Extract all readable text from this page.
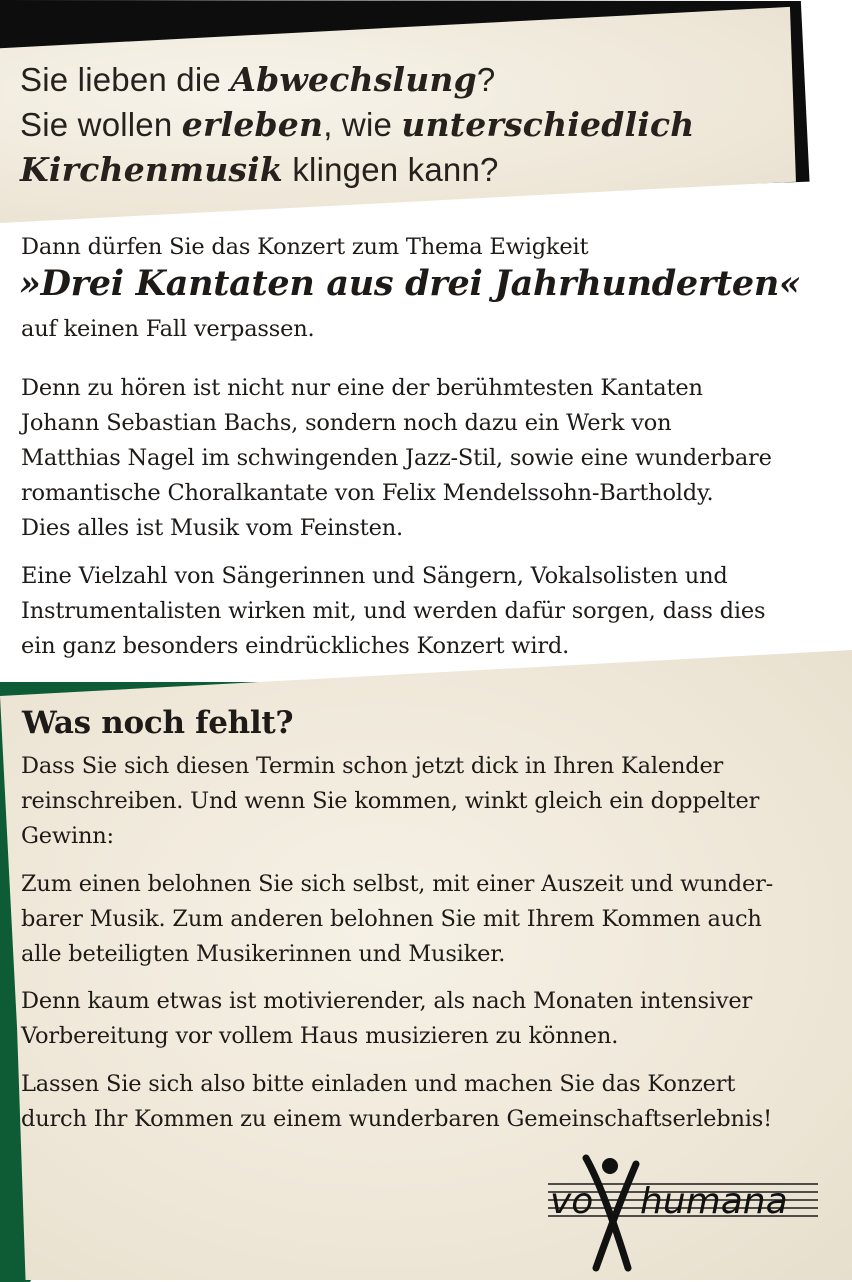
Sie lieben die Abwechslung?

Sie wollen erleben, wie unterschiedlich

Kirchenmusik klingen kann?

Dann dürfen Sie das Konzert zum Thema Ewigkeit

»Drei Kantaten aus drei Jahrhunderten«

auf keinen Fall verpassen.

Denn zu hören ist nicht nur eine der berühmtesten Kantaten

Johann Sebastian Bachs, sondern noch dazu ein Werk von

Matthias Nagel im schwingenden Jazz-Stil, sowie eine wunderbare

romantische Choralkantate von Felix Mendelssohn-Bartholdy.

Dies alles ist Musik vom Feinsten.

Eine Vielzahl von Sängerinnen und Sängern, Vokalsolisten und

Instrumentalisten wirken mit, und werden dafür sorgen, dass dies

ein ganz besonders eindrückliches Konzert wird.

Was noch fehlt?

Dass Sie sich diesen Termin schon jetzt dick in Ihren Kalender

reinschreiben. Und wenn Sie kommen, winkt gleich ein doppelter

Gewinn:

Zum einen belohnen Sie sich selbst, mit einer Auszeit und wunder-

barer Musik. Zum anderen belohnen Sie mit Ihrem Kommen auch

alle beteiligten Musikerinnen und Musiker.

Denn kaum etwas ist motivierender, als nach Monaten intensiver

Vorbereitung vor vollem Haus musizieren zu können.

Lassen Sie sich also bitte einladen und machen Sie das Konzert

durch Ihr Kommen zu einem wunderbaren Gemeinschaftserlebnis!

vo humana
